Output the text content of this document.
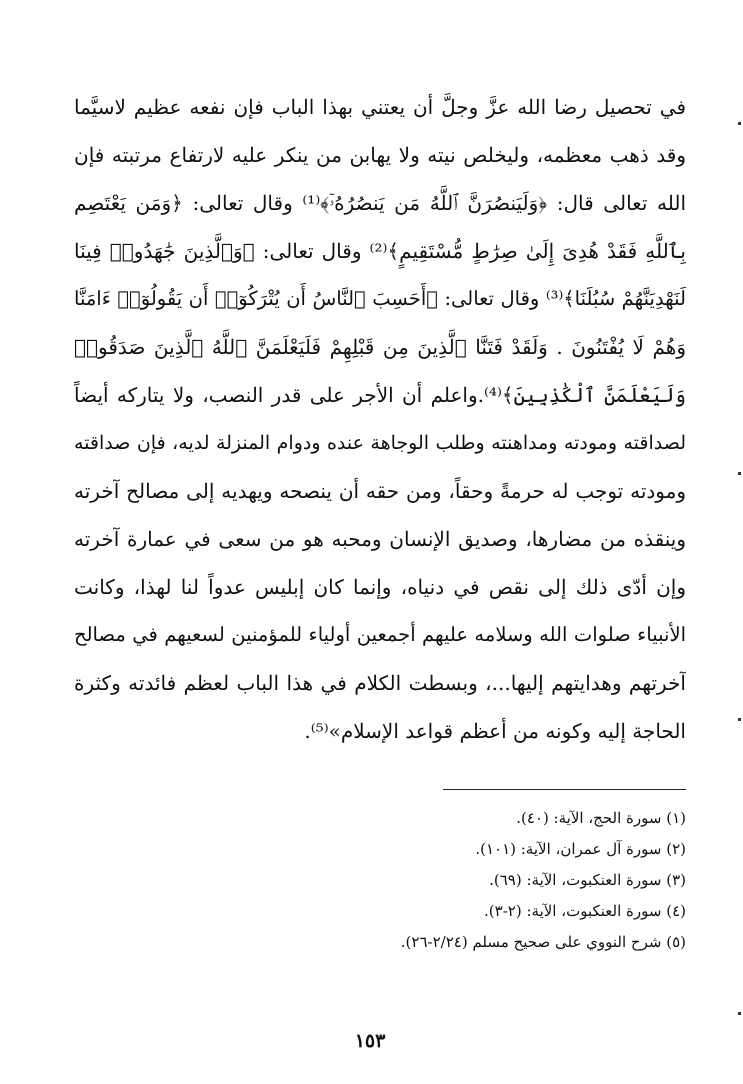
في تحصيل رضا الله عزَّ وجلَّ أن يعتني بهذا الباب فإن نفعه عظيم لاسيَّما
وقد ذهب معظمه، وليخلص نيته ولا يهابن من ينكر عليه لارتفاع مرتبته فإن
الله تعالى قال: ﴿وَلَيَنصُرَنَّ ٱللَّهُ مَن يَنصُرُهُۥٓ﴾⁽¹⁾ وقال تعالى: ﴿وَمَن يَعْتَصِم
بِٱللَّهِ فَقَدْ هُدِىَ إِلَىٰ صِرَٰطٍ مُّسْتَقِيمٍ﴾⁽²⁾ وقال تعالى: ﴿وَٱلَّذِينَ جَٰهَدُوا۟ فِينَا
لَنَهْدِيَنَّهُمْ سُبُلَنَا﴾⁽³⁾ وقال تعالى: ﴿أَحَسِبَ ٱلنَّاسُ أَن يُتْرَكُوٓا۟ أَن يَقُولُوٓا۟ ءَامَنَّا
وَهُمْ لَا يُفْتَنُونَ . وَلَقَدْ فَتَنَّا ٱلَّذِينَ مِن قَبْلِهِمْ فَلَيَعْلَمَنَّ ٱللَّهُ ٱلَّذِينَ صَدَقُوا۟
وَلَيَعْلَمَنَّ ٱلْكَٰذِبِينَ﴾⁽⁴⁾.واعلم أن الأجر على قدر النصب، ولا يتاركه أيضاً
لصداقته ومودته ومداهنته وطلب الوجاهة عنده ودوام المنزلة لديه، فإن صداقته
ومودته توجب له حرمةً وحقاً، ومن حقه أن ينصحه ويهديه إلى مصالح آخرته
وينقذه من مضارها، وصديق الإنسان ومحبه هو من سعى في عمارة آخرته
وإن أدّى ذلك إلى نقص في دنياه، وإنما كان إبليس عدواً لنا لهذا، وكانت
الأنبياء صلوات الله وسلامه عليهم أجمعين أولياء للمؤمنين لسعيهم في مصالح
آخرتهم وهدايتهم إليها...، وبسطت الكلام في هذا الباب لعظم فائدته وكثرة
الحاجة إليه وكونه من أعظم قواعد الإسلام»⁽⁵⁾.
(١) سورة الحج، الآية: (٤٠).
(٢) سورة آل عمران، الآية: (١٠١).
(٣) سورة العنكبوت، الآية: (٦٩).
(٤) سورة العنكبوت، الآية: (٢-٣).
(٥) شرح النووي على صحيح مسلم (٢/٢٤-٢٦).
١٥٣
